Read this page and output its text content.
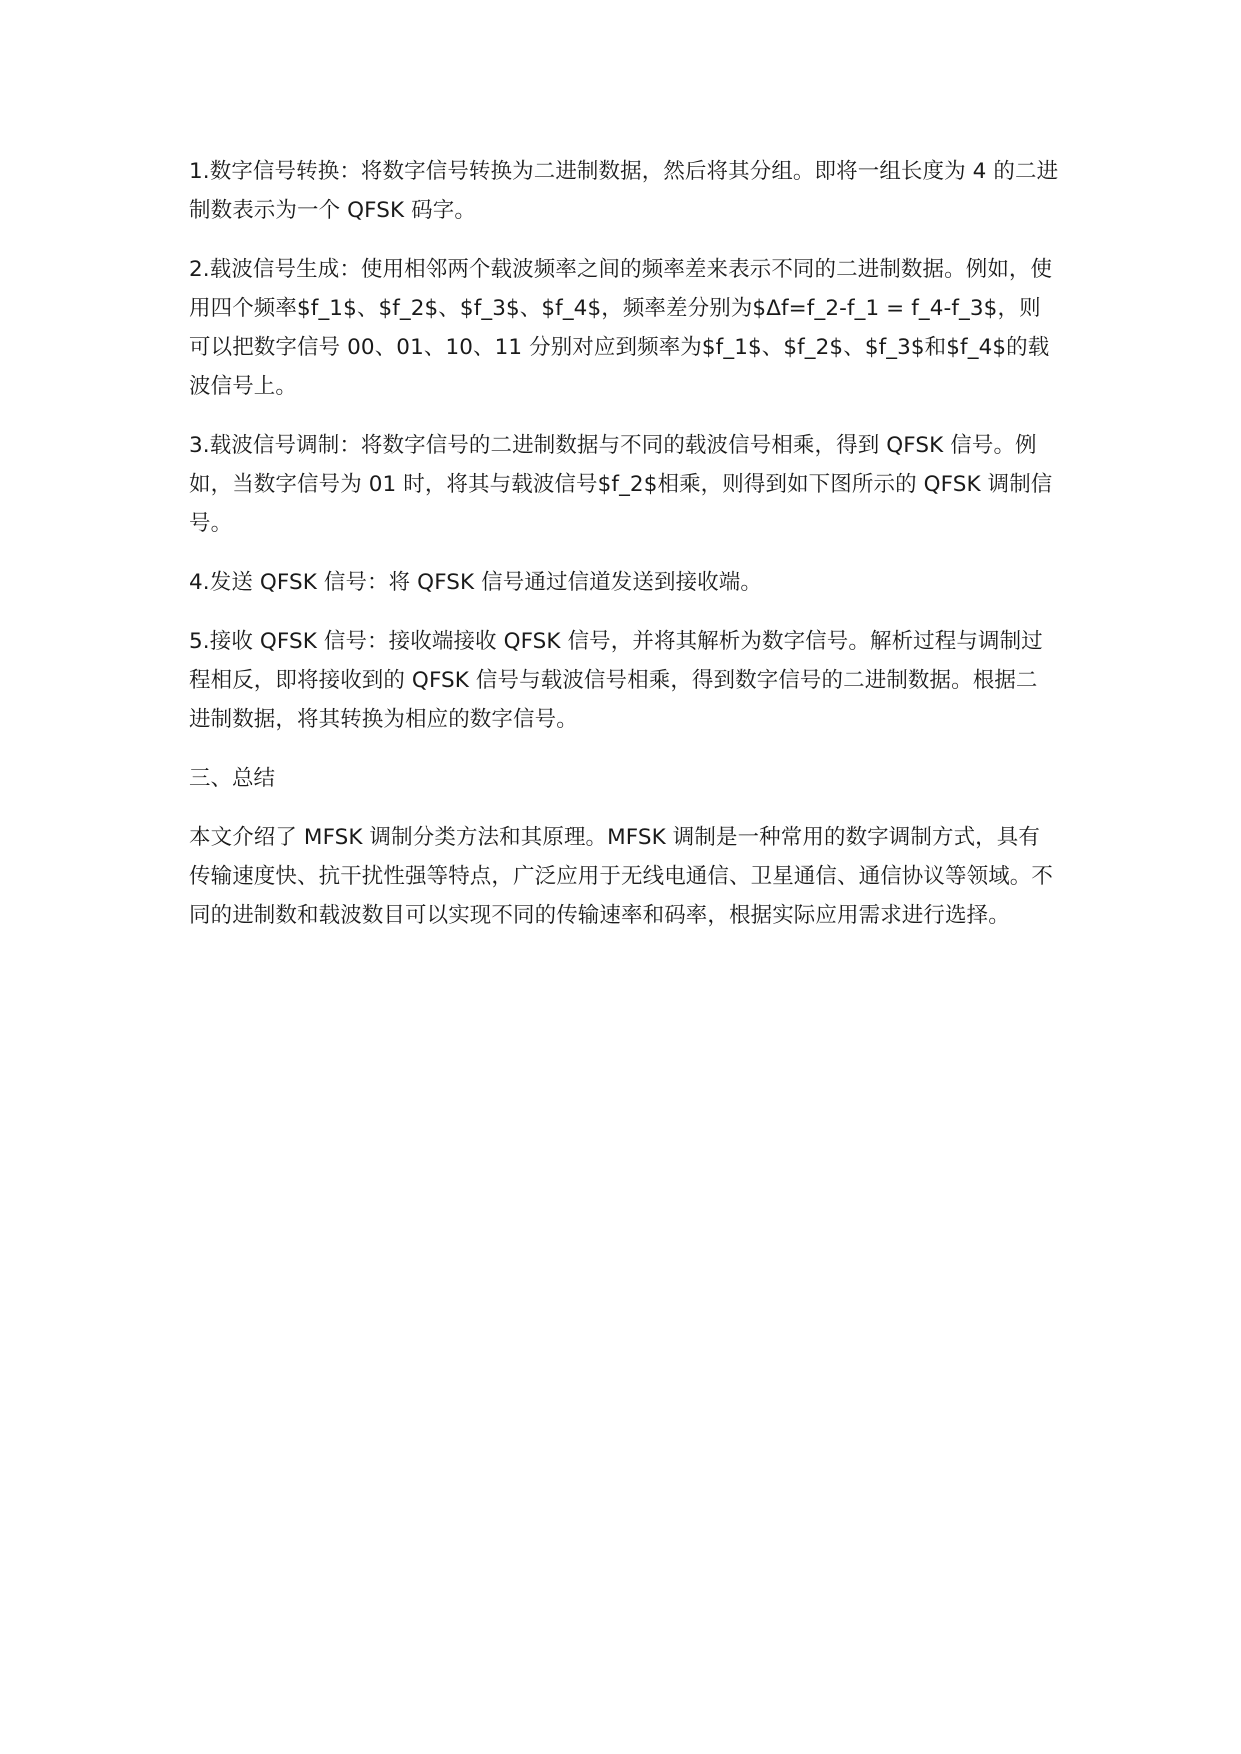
1.数字信号转换：将数字信号转换为二进制数据，然后将其分组。即将一组长度为 4 的二进制数表示为一个 QFSK 码字。

2.载波信号生成：使用相邻两个载波频率之间的频率差来表示不同的二进制数据。例如，使用四个频率$f_1$、$f_2$、$f_3$、$f_4$，频率差分别为$Δf=f_2-f_1 = f_4-f_3$，则可以把数字信号 00、01、10、11 分别对应到频率为$f_1$、$f_2$、$f_3$和$f_4$的载波信号上。

3.载波信号调制：将数字信号的二进制数据与不同的载波信号相乘，得到 QFSK 信号。例如，当数字信号为 01 时，将其与载波信号$f_2$相乘，则得到如下图所示的 QFSK 调制信号。

4.发送 QFSK 信号：将 QFSK 信号通过信道发送到接收端。

5.接收 QFSK 信号：接收端接收 QFSK 信号，并将其解析为数字信号。解析过程与调制过程相反，即将接收到的 QFSK 信号与载波信号相乘，得到数字信号的二进制数据。根据二进制数据，将其转换为相应的数字信号。

三、总结

本文介绍了 MFSK 调制分类方法和其原理。MFSK 调制是一种常用的数字调制方式，具有传输速度快、抗干扰性强等特点，广泛应用于无线电通信、卫星通信、通信协议等领域。不同的进制数和载波数目可以实现不同的传输速率和码率，根据实际应用需求进行选择。
